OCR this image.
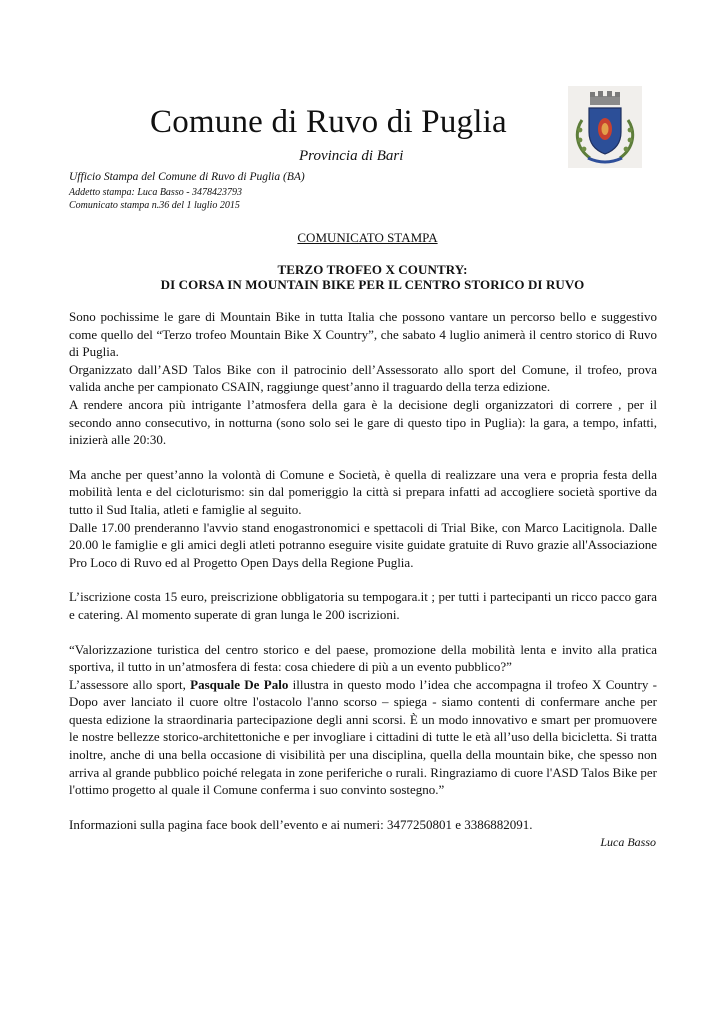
Comune di Ruvo di Puglia
Provincia di Bari
Ufficio Stampa del Comune di Ruvo di Puglia (BA)
Addetto stampa: Luca Basso - 3478423793
Comunicato stampa n.36 del 1 luglio 2015
COMUNICATO STAMPA
TERZO TROFEO X COUNTRY:
DI CORSA IN MOUNTAIN BIKE PER IL CENTRO STORICO DI RUVO

Sono pochissime le gare di Mountain Bike in tutta Italia che possono vantare un percorso bello e suggestivo come quello del “Terzo trofeo Mountain Bike X Country”, che sabato 4 luglio animerà il centro storico di Ruvo di Puglia.

Organizzato dall’ASD Talos Bike con il patrocinio dell’Assessorato allo sport del Comune, il trofeo, prova valida anche per campionato CSAIN, raggiunge quest’anno il traguardo della terza edizione.

A rendere ancora più intrigante l’atmosfera della gara è la decisione degli organizzatori di correre , per il secondo anno consecutivo, in notturna (sono solo sei le gare di questo tipo in Puglia): la gara, a tempo, infatti, inizierà alle 20:30.

Ma anche per quest’anno la volontà di Comune e Società, è quella di realizzare una vera e propria festa della mobilità lenta e del cicloturismo: sin dal pomeriggio la città si prepara infatti ad accogliere società sportive da tutto il Sud Italia, atleti e famiglie al seguito.

Dalle 17.00 prenderanno l'avvio stand enogastronomici e spettacoli di Trial Bike, con Marco Lacitignola. Dalle 20.00 le famiglie e gli amici degli atleti potranno eseguire visite guidate gratuite di Ruvo grazie all'Associazione Pro Loco di Ruvo ed al Progetto Open Days della Regione Puglia.

L’iscrizione costa 15 euro, preiscrizione obbligatoria su tempogara.it ; per tutti i partecipanti un ricco pacco gara e catering. Al momento superate di gran lunga le 200 iscrizioni.

“Valorizzazione turistica del centro storico e del paese, promozione della mobilità lenta e invito alla pratica sportiva, il tutto in un’atmosfera di festa: cosa chiedere di più a un evento pubblico?”

L’assessore allo sport, Pasquale De Palo illustra in questo modo l’idea che accompagna il trofeo X Country - Dopo aver lanciato il cuore oltre l'ostacolo l'anno scorso – spiega - siamo contenti di confermare anche per questa edizione la straordinaria partecipazione degli anni scorsi. È un modo innovativo e smart per promuovere le nostre bellezze storico-architettoniche e per invogliare i cittadini di tutte le età all’uso della bicicletta. Si tratta inoltre, anche di una bella occasione di visibilità per una disciplina, quella della mountain bike, che spesso non arriva al grande pubblico poiché relegata in zone periferiche o rurali. Ringraziamo di cuore l'ASD Talos Bike per l'ottimo progetto al quale il Comune conferma i suo convinto sostegno.”

Informazioni sulla pagina face book dell’evento e ai numeri: 3477250801 e 3386882091.

Luca Basso
